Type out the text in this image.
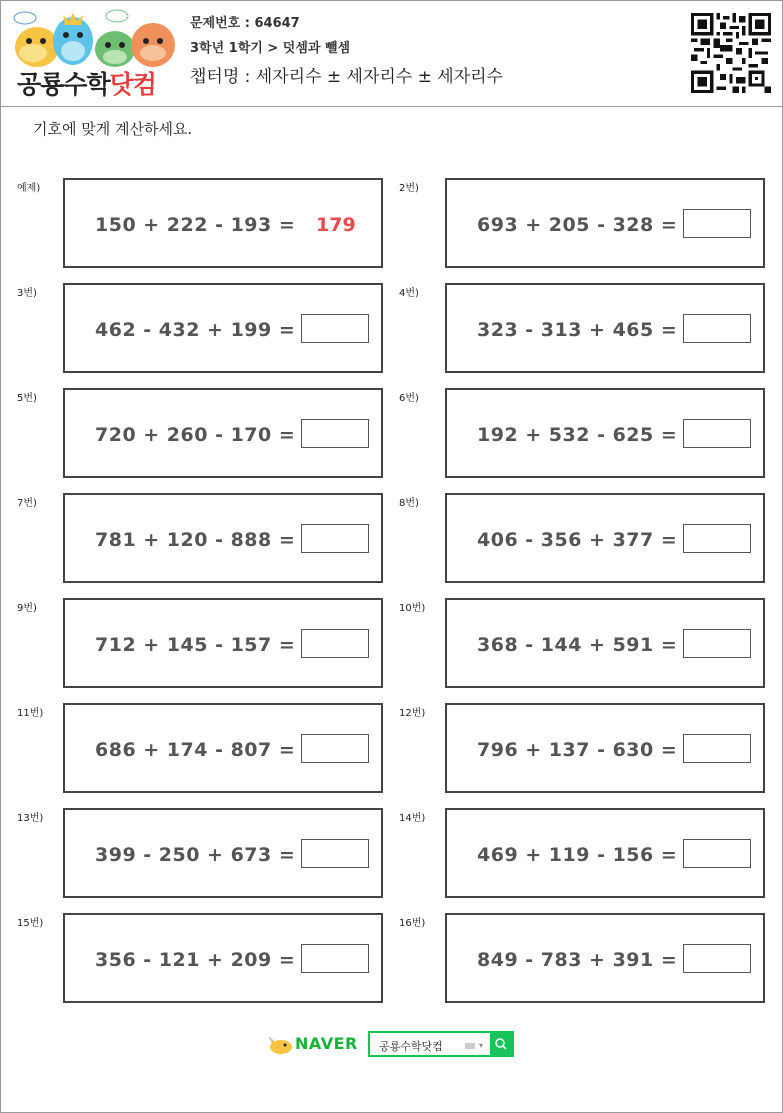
공룡수학닷컴
문제번호 : 64647
3학년 1학기 > 덧셈과 뺄셈
챕터명 : 세자리수 ± 세자리수 ± 세자리수
기호에 맞게 계산하세요.
예제)
150 + 222 - 193 = 179
2번)
693 + 205 - 328 =
3번)
462 - 432 + 199 =
4번)
323 - 313 + 465 =
5번)
720 + 260 - 170 =
6번)
192 + 532 - 625 =
7번)
781 + 120 - 888 =
8번)
406 - 356 + 377 =
9번)
712 + 145 - 157 =
10번)
368 - 144 + 591 =
11번)
686 + 174 - 807 =
12번)
796 + 137 - 630 =
13번)
399 - 250 + 673 =
14번)
469 + 119 - 156 =
15번)
356 - 121 + 209 =
16번)
849 - 783 + 391 =
NAVER 공룡수학닷컴	▾
